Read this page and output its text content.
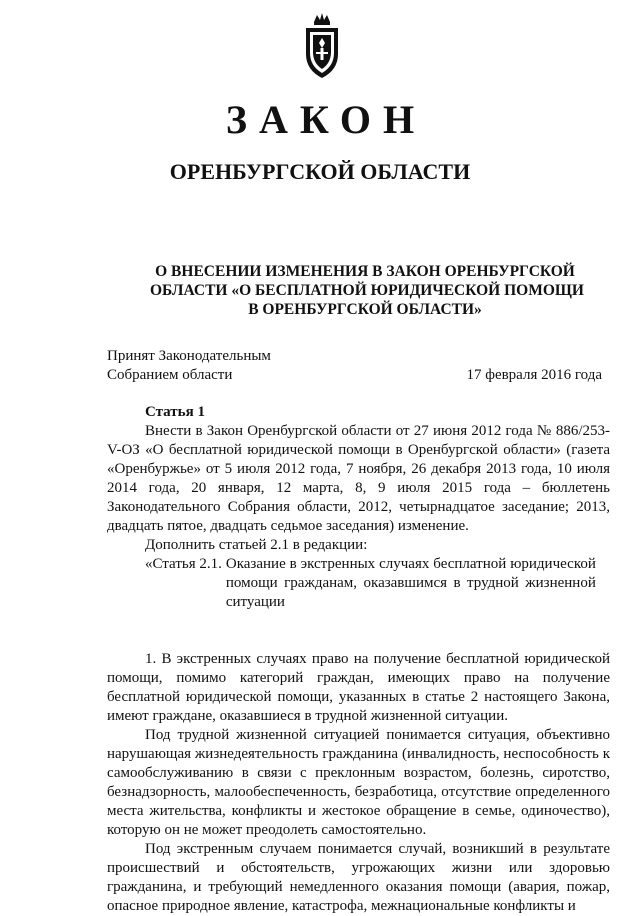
ЗАКОН
ОРЕНБУРГСКОЙ ОБЛАСТИ
О ВНЕСЕНИИ ИЗМЕНЕНИЯ В ЗАКОН ОРЕНБУРГСКОЙ
ОБЛАСТИ «О БЕСПЛАТНОЙ ЮРИДИЧЕСКОЙ ПОМОЩИ
В ОРЕНБУРГСКОЙ ОБЛАСТИ»
Принят Законодательным
Собранием области	17 февраля 2016 года
Статья 1

Внести в Закон Оренбургской области от 27 июня 2012 года № 886/253-V-ОЗ «О бесплатной юридической помощи в Оренбургской области» (газета «Оренбуржье» от 5 июля 2012 года, 7 ноября, 26 декабря 2013 года, 10 июля 2014 года, 20 января, 12 марта, 8, 9 июля 2015 года – бюллетень Законодательного Собрания области, 2012, четырнадцатое заседание; 2013, двадцать пятое, двадцать седьмое заседания) изменение.

Дополнить статьей 2.1 в редакции:

«Статья 2.1. Оказание в экстренных случаях бесплатной юридической помощи гражданам, оказавшимся в трудной жизненной ситуации

1. В экстренных случаях право на получение бесплатной юридической помощи, помимо категорий граждан, имеющих право на получение бесплатной юридической помощи, указанных в статье 2 настоящего Закона, имеют граждане, оказавшиеся в трудной жизненной ситуации.

Под трудной жизненной ситуацией понимается ситуация, объективно нарушающая жизнедеятельность гражданина (инвалидность, неспособность к самообслуживанию в связи с преклонным возрастом, болезнь, сиротство, безнадзорность, малообеспеченность, безработица, отсутствие определенного места жительства, конфликты и жестокое обращение в семье, одиночество), которую он не может преодолеть самостоятельно.

Под экстренным случаем понимается случай, возникший в результате происшествий и обстоятельств, угрожающих жизни или здоровью гражданина, и требующий немедленного оказания помощи (авария, пожар, опасное природное явление, катастрофа, межнациональные конфликты и
